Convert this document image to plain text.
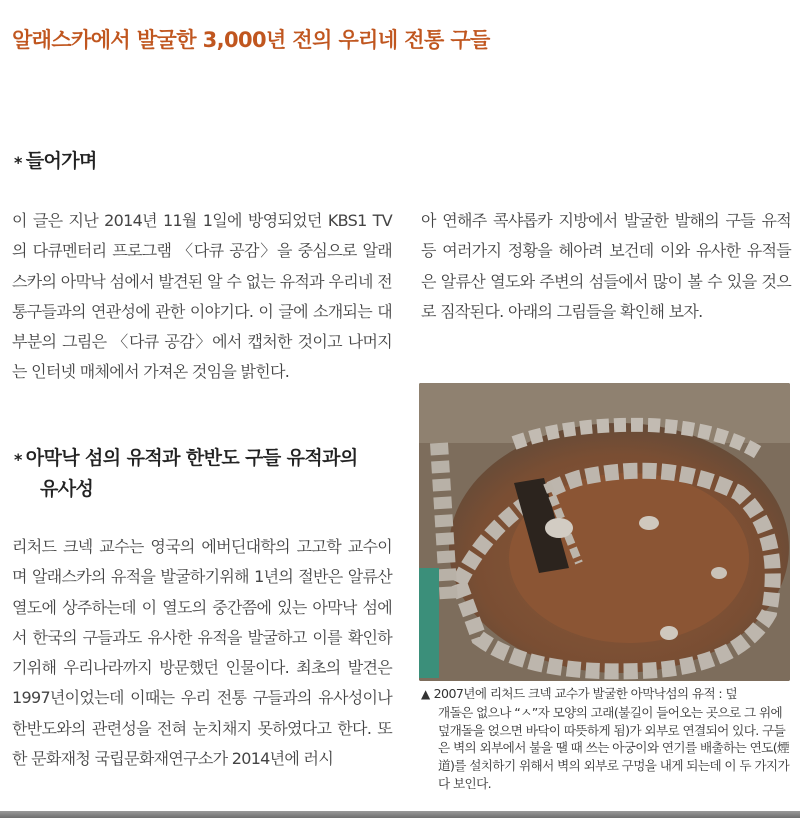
알래스카에서 발굴한 3,000년 전의 우리네 전통 구들
* 들어가며
이 글은 지난 2014년 11월 1일에 방영되었던 KBS1 TV의 다큐멘터리 프로그램 〈다큐 공감〉을 중심으로 알래스카의 아막낙 섬에서 발견된 알 수 없는 유적과 우리네 전통구들과의 연관성에 관한 이야기다. 이 글에 소개되는 대부분의 그림은 〈다큐 공감〉에서 캡처한 것이고 나머지는 인터넷 매체에서 가져온 것임을 밝힌다.
* 아막낙 섬의 유적과 한반도 구들 유적과의
유사성
리처드 크넥 교수는 영국의 에버딘대학의 고고학 교수이며 알래스카의 유적을 발굴하기위해 1년의 절반은 알류산 열도에 상주하는데 이 열도의 중간쯤에 있는 아막낙 섬에서 한국의 구들과도 유사한 유적을 발굴하고 이를 확인하기위해 우리나라까지 방문했던 인물이다. 최초의 발견은 1997년이었는데 이때는 우리 전통 구들과의 유사성이나 한반도와의 관련성을 전혀 눈치채지 못하였다고 한다. 또한 문화재청 국립문화재연구소가 2014년에 러시
아 연해주 콕샤롭카 지방에서 발굴한 발해의 구들 유적 등 여러가지 정황을 헤아려 보건데 이와 유사한 유적들은 알류산 열도와 주변의 섬들에서 많이 볼 수 있을 것으로 짐작된다. 아래의 그림들을 확인해 보자.
▲ 2007년에 리처드 크넥 교수가 발굴한 아막낙섬의 유적 : 덮
개돌은 없으나 “ㅅ”자 모양의 고래(불길이 들어오는 곳으로 그 위에 덮개돌을 얹으면 바닥이 따뜻하게 됨)가 외부로 연결되어 있다. 구들은 벽의 외부에서 불을 땔 때 쓰는 아궁이와 연기를 배출하는 연도(煙道)를 설치하기 위해서 벽의 외부로 구멍을 내게 되는데 이 두 가지가 다 보인다.
